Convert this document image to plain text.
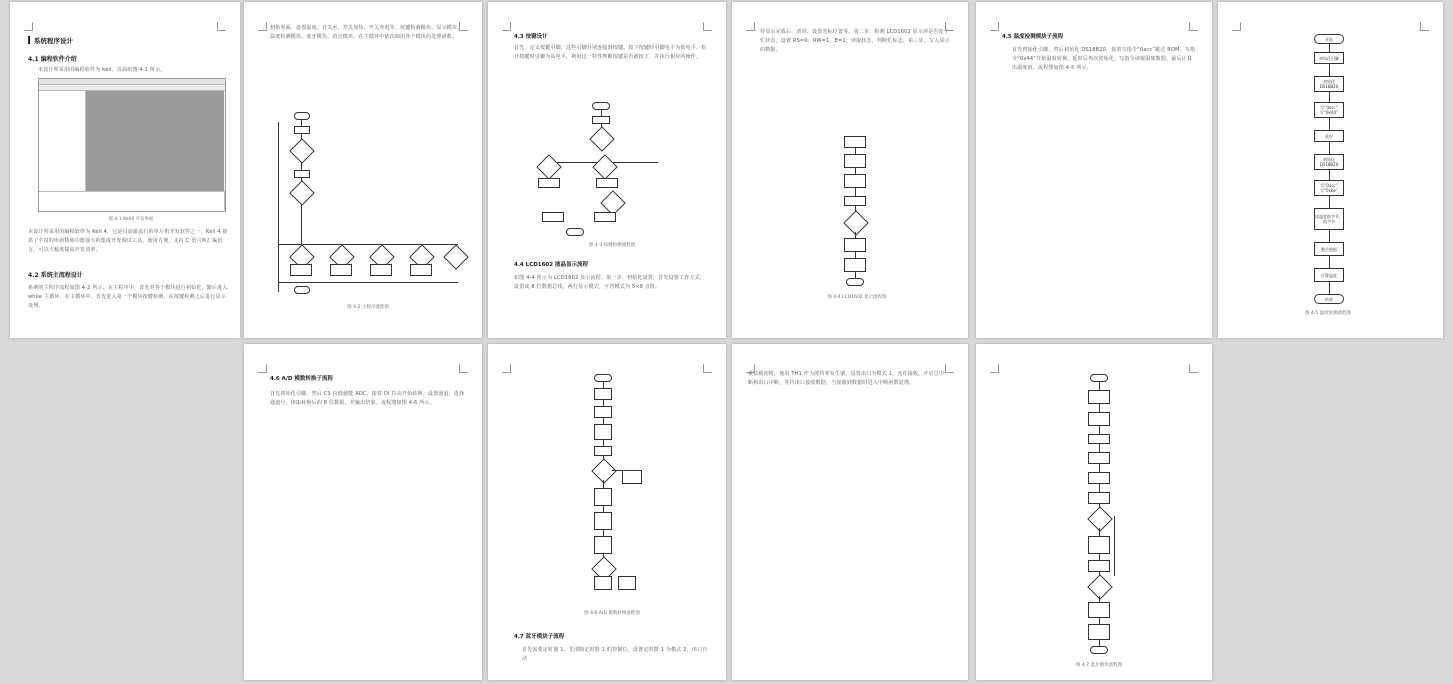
系统程序设计
4.1 编程软件介绍
本设计所采用的编程软件为 keil，页面如图 4-1 所示。
图 4-1 Keil4 开发界面
本设计所采用的编程软件为 Keil 4，它是目前最流行的单片机开发软件之一。Keil 4 提供了丰富的库函数和功能强大的集成开发调试工具，使用方便，支持 C 语言和汇编语言，可以大幅度提高开发效率。
4.2 系统主流程设计
系统的主程序流程如图 4-2 所示。在主程序中，首先对各个模块进行初始化，随后进入 while 主循环，在主循环中，首先进入第一个模块按键检测，在按键检测之后进行显示处理。
初始界面，设置温度，开关水，开关加热，开关充电等。按键检测模块、显示模块、温度检测模块、蓝牙模块、语音模块，在主循环中依次调用各个模块的处理函数。
图 4-2 主程序流程图
4.3 按键设计
首先，定义按键引脚，这些引脚分别连接到按键。按下按键时引脚电平为低电平，松开按键时引脚为高电平，利用这一特性判断按键是否被按下，并执行相应的操作。
图 4-3 按键检测流程图
4.4 LCD1602 液晶显示流程
如图 4-4 所示为 LCD1602 显示流程。第一步，初始化设置，首先设置工作方式，设置成 8 位数据总线，两行显示模式，字符模式为 5×8 点阵。
待显示完成后，清屏、设置光标位置等。第二步，检测 LCD1602 显示屏是否处于忙状态，设置 RS=0，RW=1，E=1，读取状态，判断忙标志。第三步，写入显示的数据。
图 4-4 LCD1602 显示流程图
4.5 温度检测模块子流程
首先初始化引脚，然后初始化 DS18B20，接着写指令“0xcc”跳过 ROM，写指令“0x44”开始温度转换，延时后再次初始化，写指令读取温度数据，最后计算出温度值。流程图如图 4-5 所示。
开始
初始化引脚
初始化 DS18B20
写“0xcc” 写“0x44”
延时
初始化 DS18B20
写“0xcc” 写“0xbe”
读温度低字节、高字节
整合数据
计算温度
结束
图 4-5 温度检测流程图
4.6 A/D 模数转换子流程
首先初始化引脚，然后 CS 拉低使能 ADC，接着 DI 拉高开始转换，设置通道，选择通道号，读取转换后的 8 位数据，并输出结果。流程图如图 4-6 所示。
图 4-6 A/D 模数转换流程图
4.7 蓝牙模块子流程
首先需要定时器 1，先清除定时器 1 的控制位，设置定时器 1 为模式 2，串口自动
重装载初值，使用 TH1 作为波特率发生器，设置串口为模式 1，允许接收，开启总中断和串口中断，等待串口接收数据，当接收到数据时进入中断函数处理。
图 4-7 蓝牙模块流程图
